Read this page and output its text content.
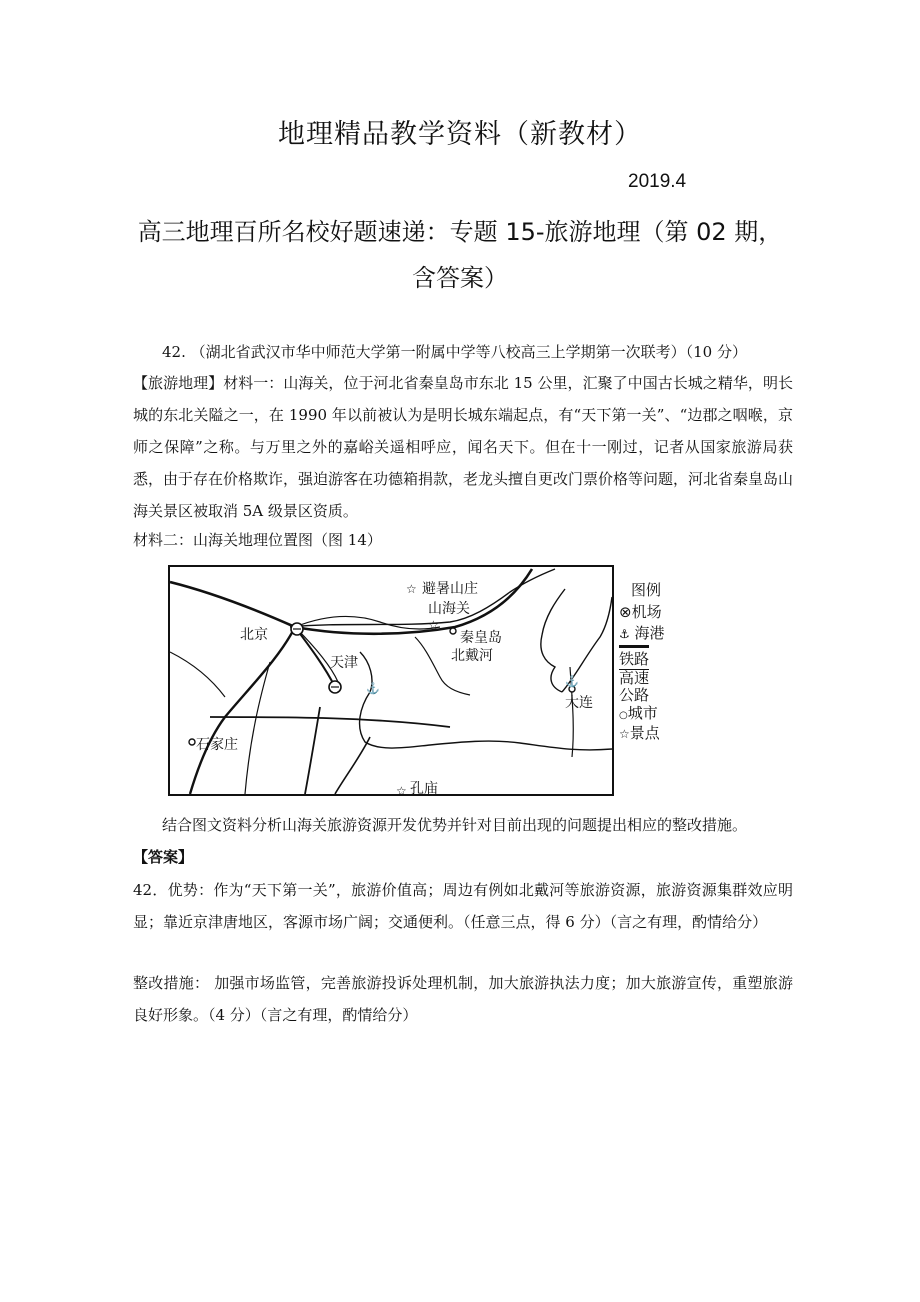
地理精品教学资料（新教材）
2019.4
高三地理百所名校好题速递：专题 15-旅游地理（第 02 期，
含答案）
42. （湖北省武汉市华中师范大学第一附属中学等八校高三上学期第一次联考）（10 分）
【旅游地理】材料一：山海关，位于河北省秦皇岛市东北 15 公里，汇聚了中国古长城之精华，明长城的东北关隘之一，在 1990 年以前被认为是明长城东端起点，有“天下第一关”、“边郡之咽喉，京师之保障”之称。与万里之外的嘉峪关遥相呼应，闻名天下。但在十一刚过，记者从国家旅游局获悉，由于存在价格欺诈，强迫游客在功德箱捐款，老龙头擅自更改门票价格等问题，河北省秦皇岛山海关景区被取消 5A 级景区资质。
材料二：山海关地理位置图（图 14）
⚓
⚓
☆
☆
☆
避暑山庄
山海关
北京	秦皇岛
北戴河
天津
大连
石家庄
孔庙
图例
⊗机场
⚓ 海港
铁路
高速
公路
○城市
☆景点
结合图文资料分析山海关旅游资源开发优势并针对目前出现的问题提出相应的整改措施。
【答案】
42．优势：作为“天下第一关”，旅游价值高；周边有例如北戴河等旅游资源，旅游资源集群效应明显；靠近京津唐地区，客源市场广阔；交通便利。（任意三点，得 6 分）（言之有理，酌情给分）
整改措施： 加强市场监管，完善旅游投诉处理机制，加大旅游执法力度；加大旅游宣传，重塑旅游良好形象。（4 分）（言之有理，酌情给分）
